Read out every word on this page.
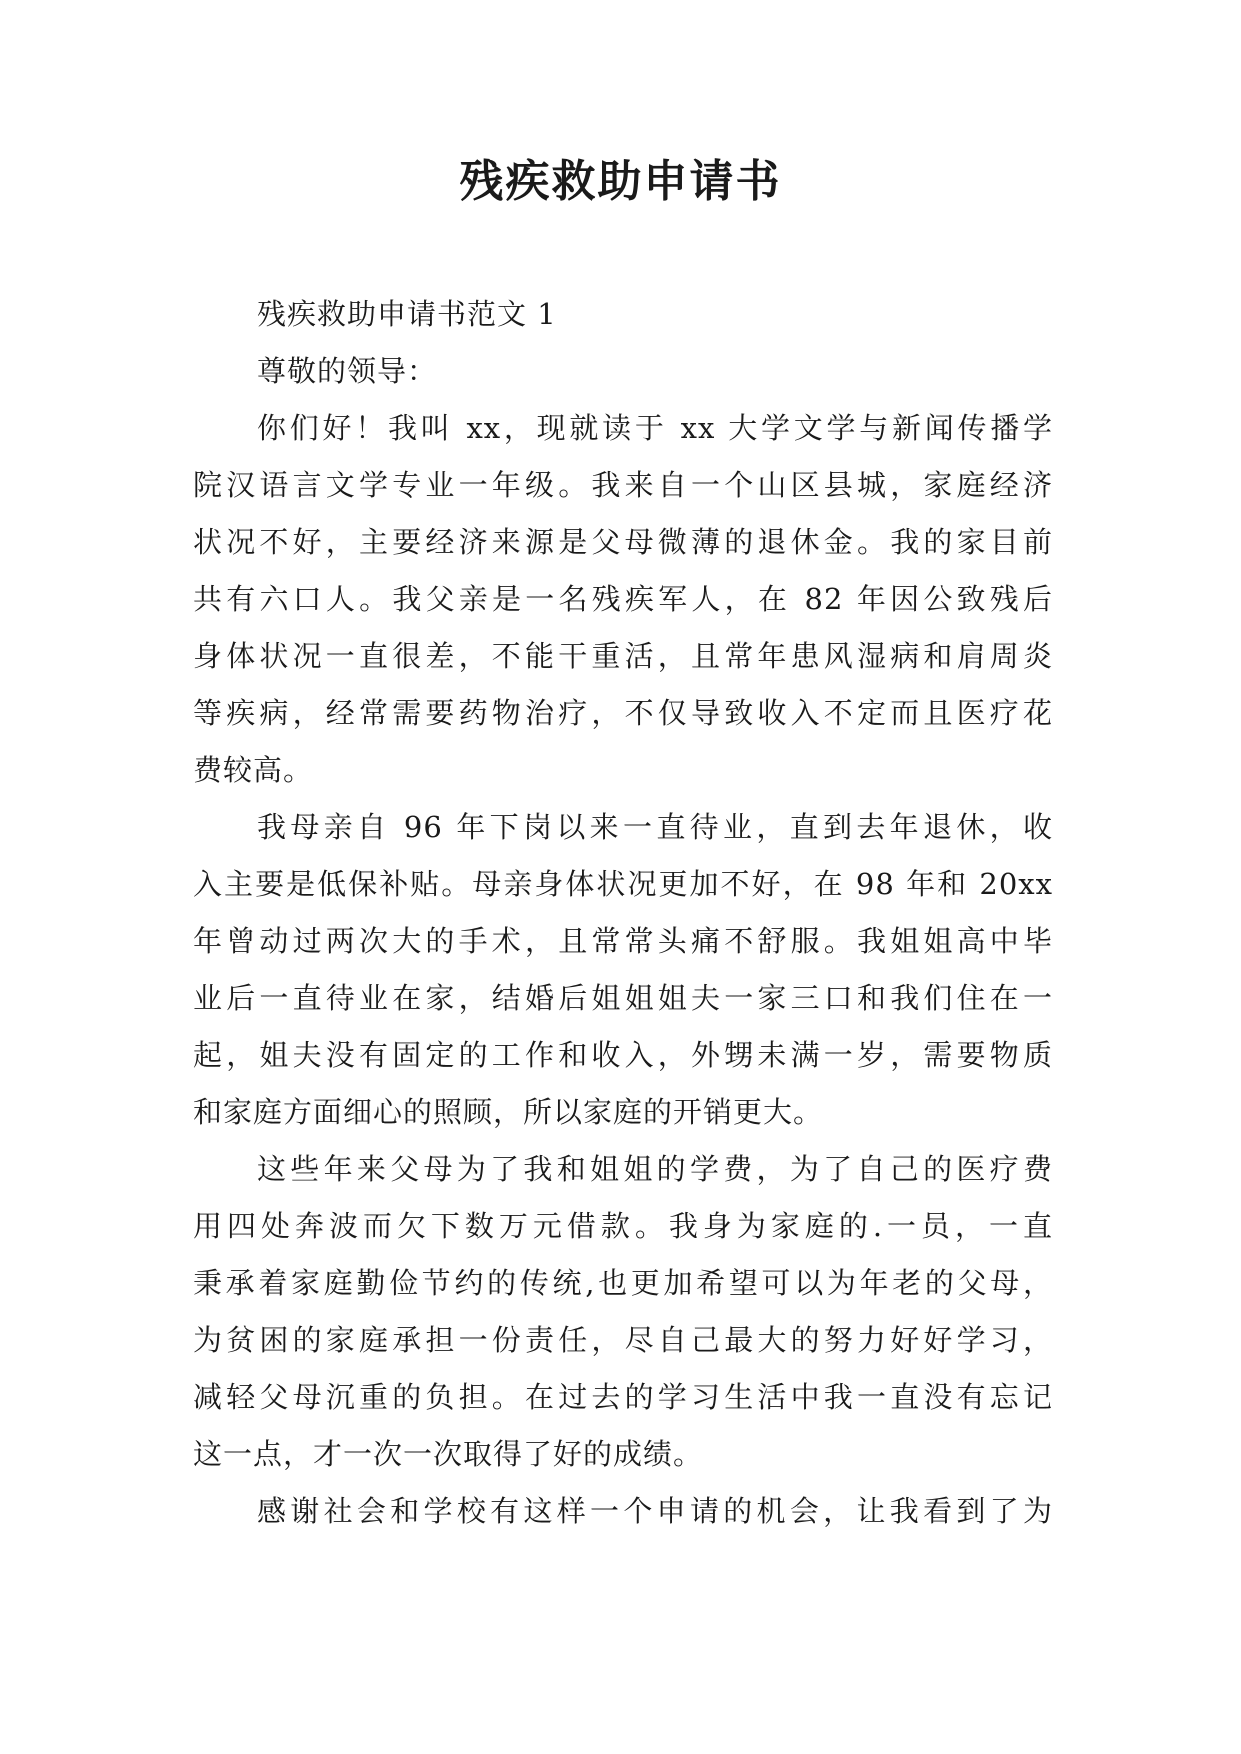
残疾救助申请书

残疾救助申请书范文 1

尊敬的领导：

你们好！我叫 xx，现就读于 xx 大学文学与新闻传播学
院汉语言文学专业一年级。我来自一个山区县城，家庭经济
状况不好，主要经济来源是父母微薄的退休金。我的家目前
共有六口人。我父亲是一名残疾军人，在 82 年因公致残后
身体状况一直很差，不能干重活，且常年患风湿病和肩周炎
等疾病，经常需要药物治疗，不仅导致收入不定而且医疗花
费较高。
我母亲自 96 年下岗以来一直待业，直到去年退休，收
入主要是低保补贴。母亲身体状况更加不好，在 98 年和 20xx
年曾动过两次大的手术，且常常头痛不舒服。我姐姐高中毕
业后一直待业在家，结婚后姐姐姐夫一家三口和我们住在一
起，姐夫没有固定的工作和收入，外甥未满一岁，需要物质
和家庭方面细心的照顾，所以家庭的开销更大。
这些年来父母为了我和姐姐的学费，为了自己的医疗费
用四处奔波而欠下数万元借款。我身为家庭的.一员，一直
秉承着家庭勤俭节约的传统,也更加希望可以为年老的父母，
为贫困的家庭承担一份责任，尽自己最大的努力好好学习，
减轻父母沉重的负担。在过去的学习生活中我一直没有忘记
这一点，才一次一次取得了好的成绩。
感谢社会和学校有这样一个申请的机会，让我看到了为
